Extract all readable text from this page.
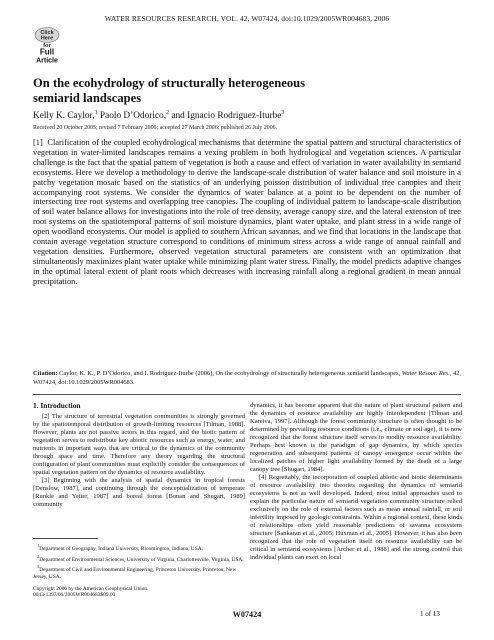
WATER RESOURCES RESEARCH, VOL. 42, W07424, doi:10.1029/2005WR004683, 2006
Click
Here
for
Full
Article
On the ecohydrology of structurally heterogeneous
semiarid landscapes
Kelly K. Caylor,$^1$ Paolo D’Odorico,$^2$ and Ignacio Rodriguez-Iturbe$^3$
Received 20 October 2005; revised 7 February 2006; accepted 27 March 2006; published 26 July 2006.
[1] Clarification of the coupled ecohydrological mechanisms that determine the spatial pattern and structural characteristics of vegetation in water-limited landscapes remains a vexing problem in both hydrological and vegetation sciences. A particular challenge is the fact that the spatial pattern of vegetation is both a cause and effect of variation in water availability in semiarid ecosystems. Here we develop a methodology to derive the landscape-scale distribution of water balance and soil moisture in a patchy vegetation mosaic based on the statistics of an underlying poisson distribution of individual tree canopies and their accompanying root systems. We consider the dynamics of water balance at a point to be dependent on the number of intersecting tree root systems and overlapping tree canopies. The coupling of individual pattern to landscape-scale distribution of soil water balance allows for investigations into the role of tree density, average canopy size, and the lateral extension of tree root systems on the spatiotemporal patterns of soil moisture dynamics, plant water uptake, and plant stress in a wide range of open woodland ecosystems. Our model is applied to southern African savannas, and we find that locations in the landscape that contain average vegetation structure correspond to conditions of minimum stress across a wide range of annual rainfall and vegetation densities. Furthermore, observed vegetation structural parameters are consistent with an optimization that simultaneously maximizes plant water uptake while minimizing plant water stress. Finally, the model predicts adaptive changes in the optimal lateral extent of plant roots which decreases with increasing rainfall along a regional gradient in mean annual precipitation.
Citation: Caylor, K. K., P. D’Odorico, and I. Rodriguez-Iturbe (2006), On the ecohydrology of structurally heterogeneous semiarid landscapes, Water Resour. Res., 42, W07424, doi:10.1029/2005WR004683.
1. Introduction

[2] The structure of terrestrial vegetation communities is strongly governed by the spatiotemporal distribution of growth-limiting resources [Tilman, 1988]. However, plants are not passive actors in this regard, and the biotic pattern of vegetation serves to redistribute key abiotic resources such as energy, water, and nutrients in important ways that are critical to the dynamics of the community through space and time. Therefore any theory regarding the structural configuration of plant communities must explicitly consider the consequences of spatial vegetation pattern on the dynamics of resource availability.

[3] Beginning with the analysis of spatial dynamics in tropical forests [Denslow, 1987], and continuing through the conceptualization of temperate [Runkle and Yetter, 1987] and boreal forest [Bonan and Shugart, 1989] community

$^1$Department of Geography, Indiana University, Bloomington, Indiana, USA.

$^2$Department of Environmental Sciences, University of Virginia, Charlottesville, Virginia, USA.

$^3$Department of Civil and Environmental Engineering, Princeton University, Princeton, New Jersey, USA.

Copyright 2006 by the American Geophysical Union.
0043-1397/06/2005WR004683$09.00

dynamics, it has become apparent that the nature of plant structural pattern and the dynamics of resource availability are highly interdependent [Tilman and Kareiva, 1997]. Although the forest community structure is often thought to be determined by prevailing resource conditions (i.e., climate or soil age), it is now recognized that the forest structure itself serves to modify resource availability. Perhaps best known is the paradigm of gap dynamics, by which species regeneration and subsequent patterns of canopy emergence occur within the localized patches of higher light availability formed by the death of a large canopy tree [Shugart, 1984].

[4] Regrettably, the incorporation of coupled abiotic and biotic determinants of resource availability into theories regarding the dynamics of semiarid ecosystems is not as well developed. Indeed, most initial approaches used to explain the particular nature of semiarid vegetation community structure relied exclusively on the role of external factors such as mean annual rainfall, or soil infertility imposed by geologic constraints. Within a regional context, these kinds of relationships often yield reasonable predictions of savanna ecosystem structure [Sankaran et al., 2005; Huxman et al., 2005]. However, it has also been recognized that the role of vegetation itself on resource availability can be critical in semiarid ecosystems [Archer et al., 1988] and the strong control that individual plants can exert on local

W07424	1 of 13
